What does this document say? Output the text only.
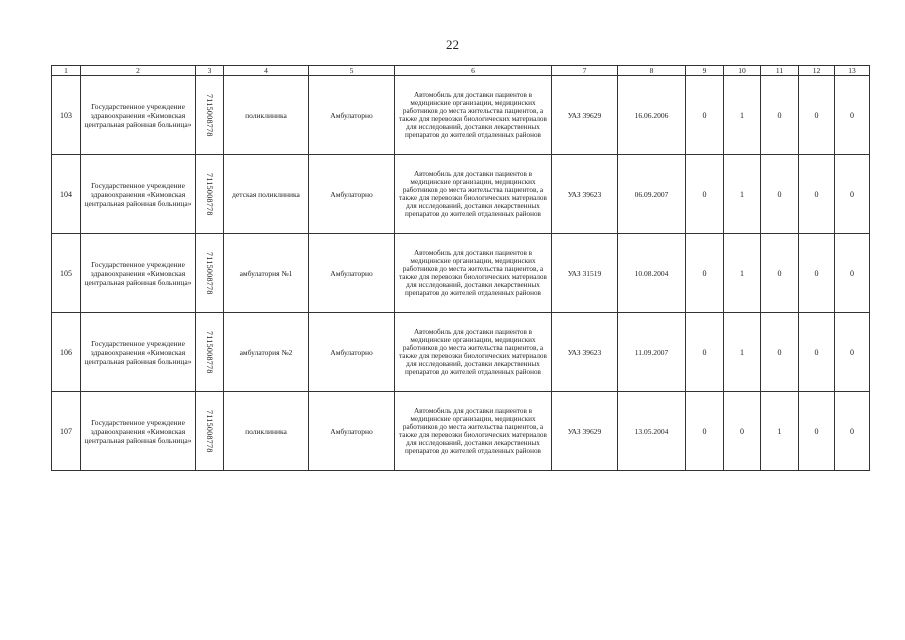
22
1	2	3	4	5	6	7	8	9	10	11	12	13
103	Государственное учреждение здравоохранения «Кимовская центральная районная больница»	7115008778	поликлиника	Амбулаторно	Автомобиль для доставки пациентов в медицинские организации, медицинских работников до места жительства пациентов, а также для перевозки биологических материалов для исследований, доставки лекарственных препаратов до жителей отдаленных районов	УАЗ 39629	16.06.2006	0	1	0	0	0
104	Государственное учреждение здравоохранения «Кимовская центральная районная больница»	7115008778	детская поликлиника	Амбулаторно	Автомобиль для доставки пациентов в медицинские организации, медицинских работников до места жительства пациентов, а также для перевозки биологических материалов для исследований, доставки лекарственных препаратов до жителей отдаленных районов	УАЗ 39623	06.09.2007	0	1	0	0	0
105	Государственное учреждение здравоохранения «Кимовская центральная районная больница»	7115008778	амбулатория №1	Амбулаторно	Автомобиль для доставки пациентов в медицинские организации, медицинских работников до места жительства пациентов, а также для перевозки биологических материалов для исследований, доставки лекарственных препаратов до жителей отдаленных районов	УАЗ 31519	10.08.2004	0	1	0	0	0
106	Государственное учреждение здравоохранения «Кимовская центральная районная больница»	7115008778	амбулатория №2	Амбулаторно	Автомобиль для доставки пациентов в медицинские организации, медицинских работников до места жительства пациентов, а также для перевозки биологических материалов для исследований, доставки лекарственных препаратов до жителей отдаленных районов	УАЗ 39623	11.09.2007	0	1	0	0	0
107	Государственное учреждение здравоохранения «Кимовская центральная районная больница»	7115008778	поликлиника	Амбулаторно	Автомобиль для доставки пациентов в медицинские организации, медицинских работников до места жительства пациентов, а также для перевозки биологических материалов для исследований, доставки лекарственных препаратов до жителей отдаленных районов	УАЗ 39629	13.05.2004	0	0	1	0	0
